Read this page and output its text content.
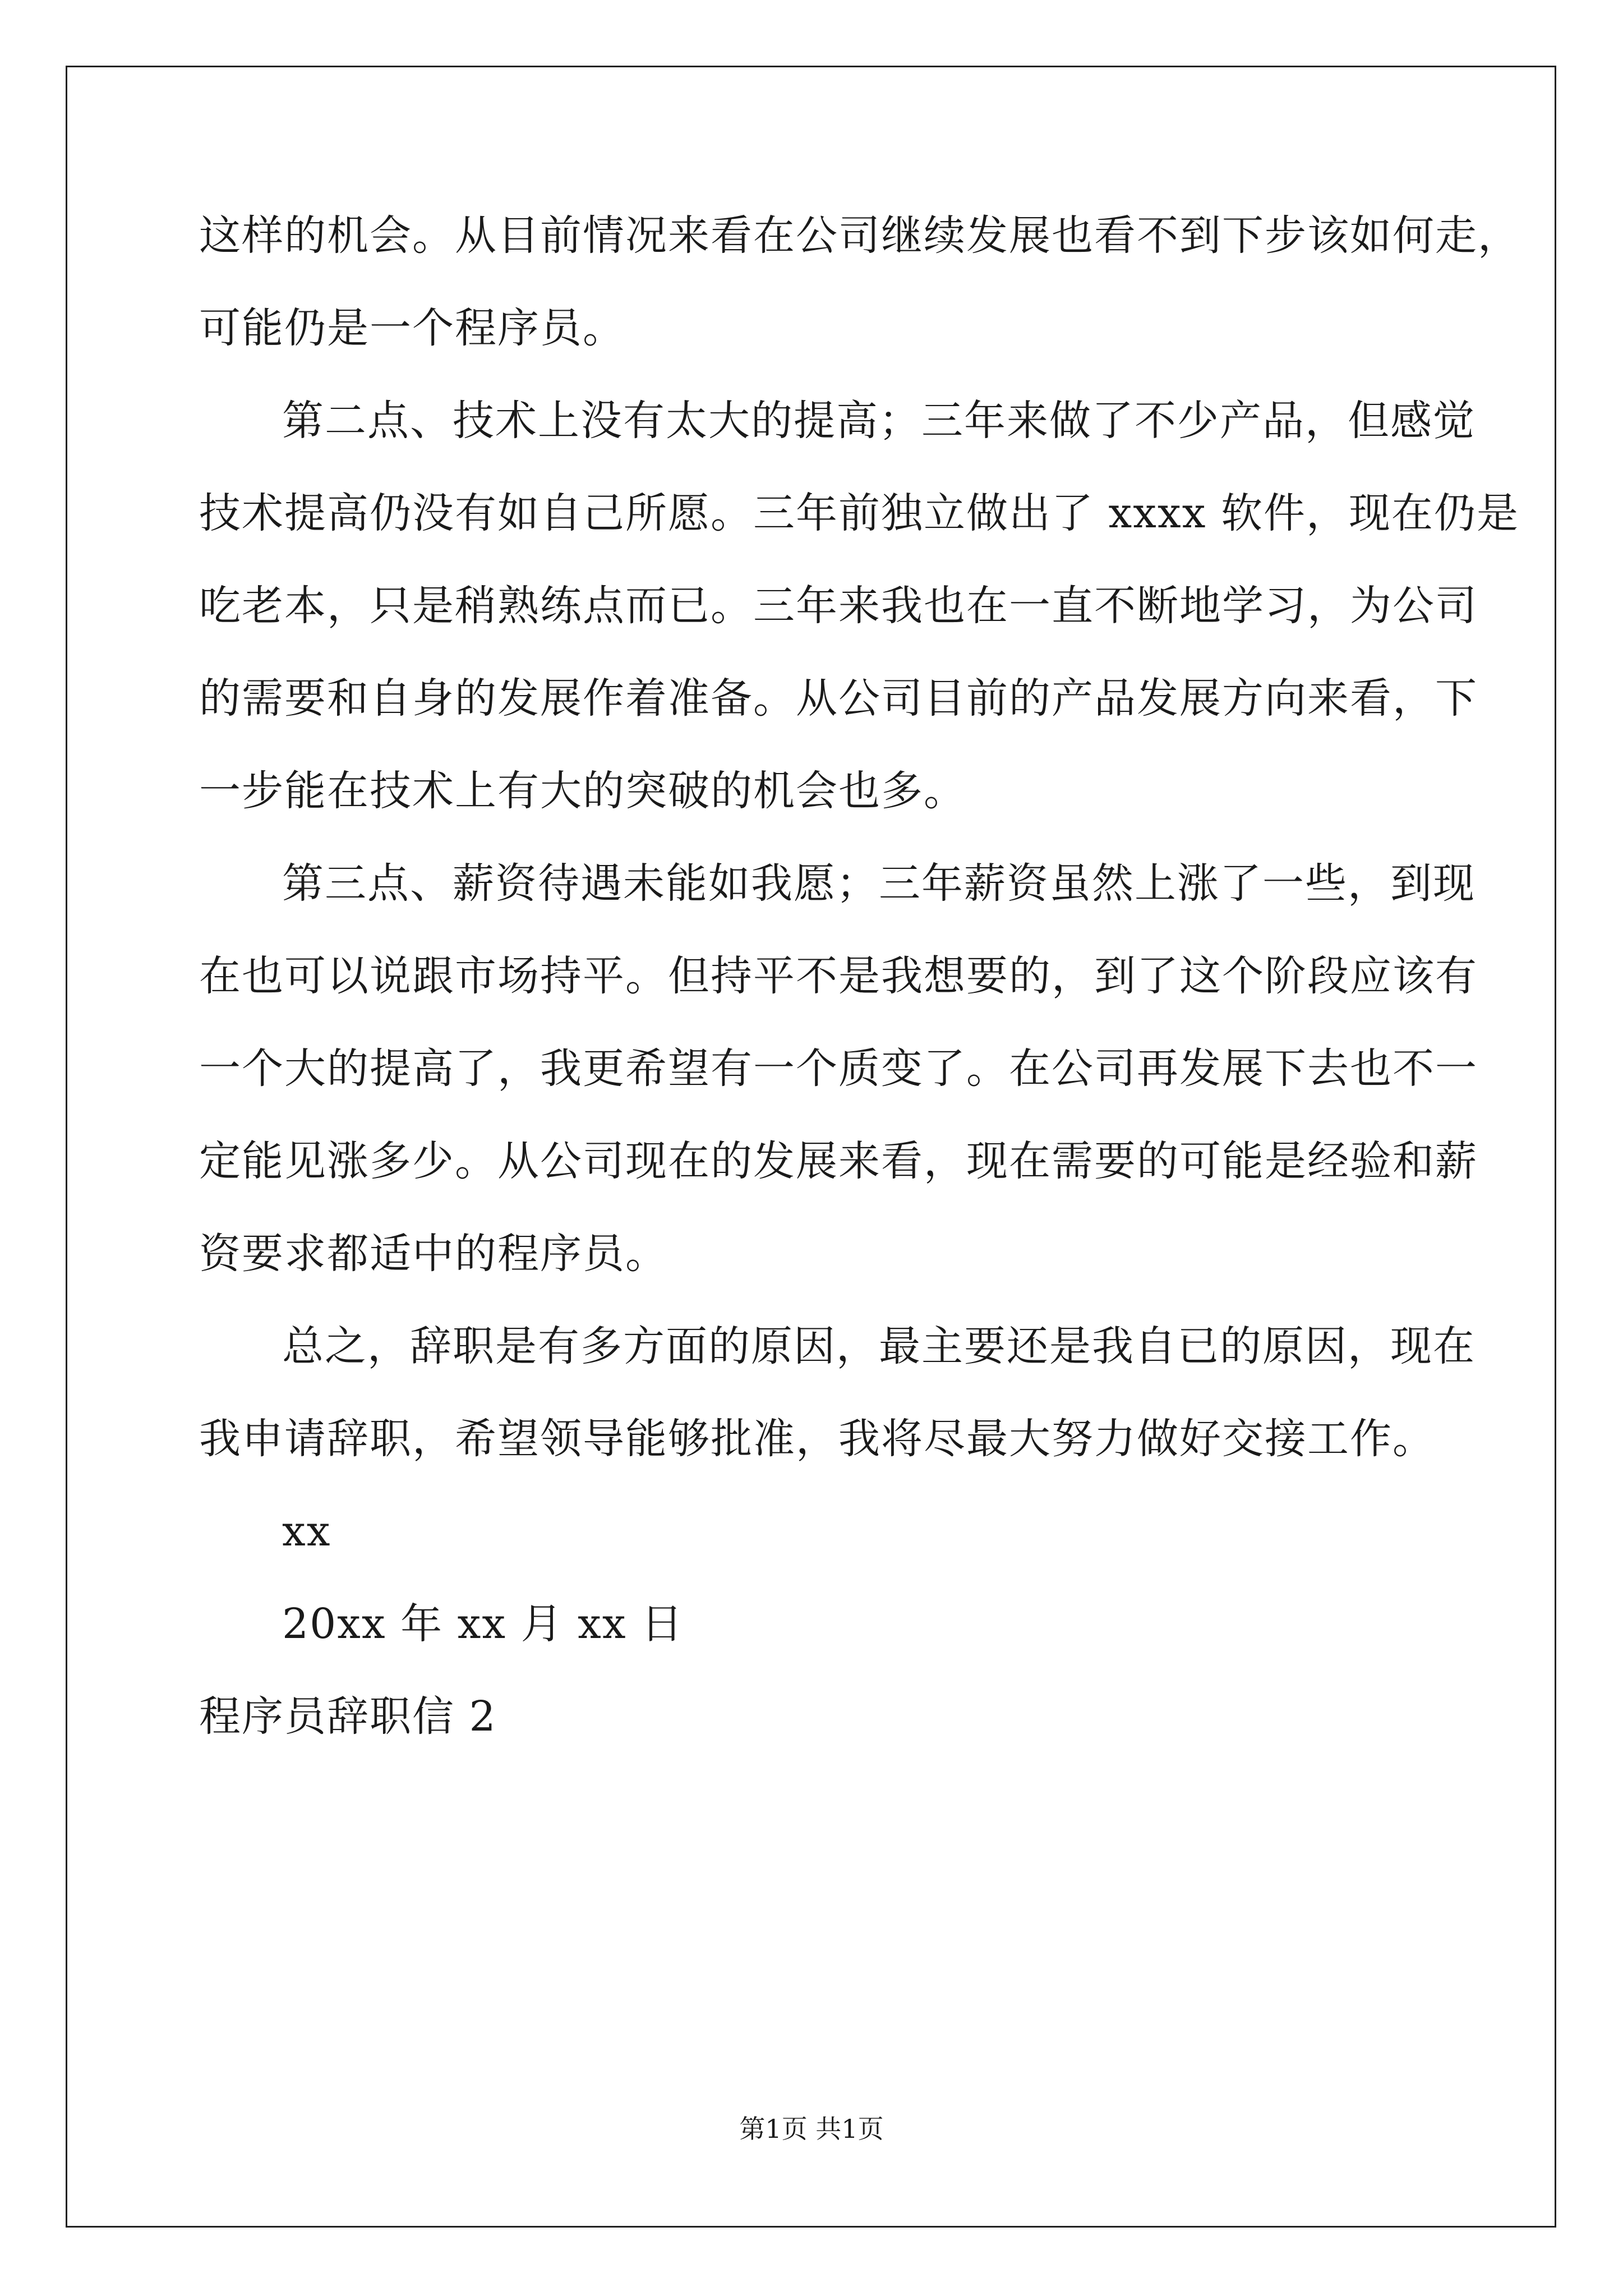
这样的机会。从目前情况来看在公司继续发展也看不到下步该如何走，
可能仍是一个程序员。
第二点、技术上没有太大的提高；三年来做了不少产品，但感觉
技术提高仍没有如自己所愿。三年前独立做出了 xxxx 软件，现在仍是
吃老本，只是稍熟练点而已。三年来我也在一直不断地学习，为公司
的需要和自身的发展作着准备。从公司目前的产品发展方向来看，下
一步能在技术上有大的突破的机会也多。
第三点、薪资待遇未能如我愿；三年薪资虽然上涨了一些，到现
在也可以说跟市场持平。但持平不是我想要的，到了这个阶段应该有
一个大的提高了，我更希望有一个质变了。在公司再发展下去也不一
定能见涨多少。从公司现在的发展来看，现在需要的可能是经验和薪
资要求都适中的程序员。
总之，辞职是有多方面的原因，最主要还是我自已的原因，现在
我申请辞职，希望领导能够批准，我将尽最大努力做好交接工作。
xx
20xx 年 xx 月 xx 日
程序员辞职信 2
第1页 共1页
